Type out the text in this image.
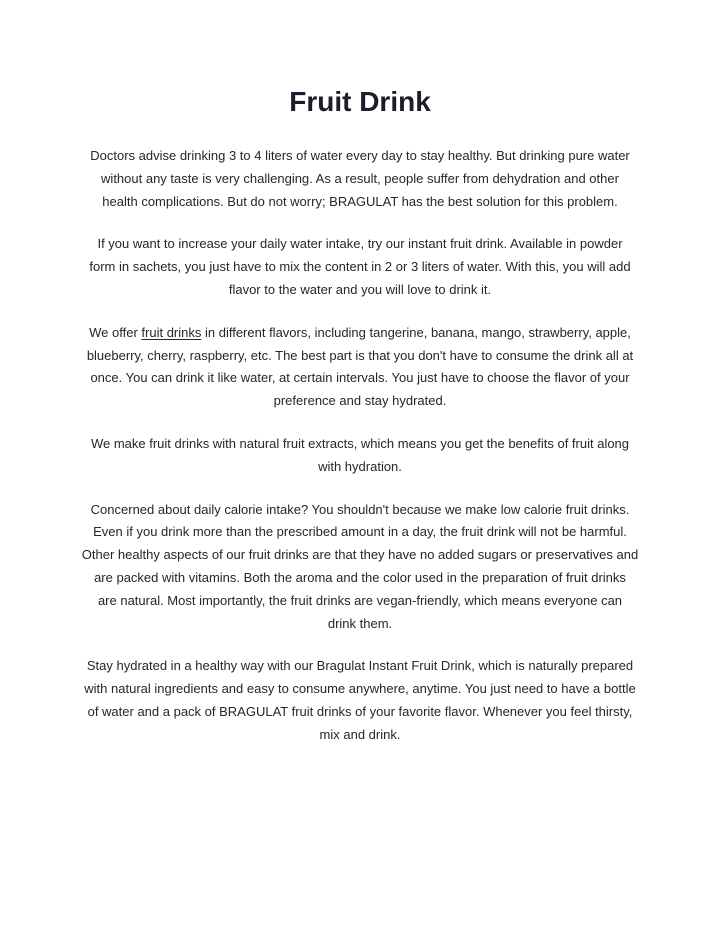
Fruit Drink

Doctors advise drinking 3 to 4 liters of water every day to stay healthy. But drinking pure water
without any taste is very challenging. As a result, people suffer from dehydration and other
health complications. But do not worry; BRAGULAT has the best solution for this problem.

If you want to increase your daily water intake, try our instant fruit drink. Available in powder
form in sachets, you just have to mix the content in 2 or 3 liters of water. With this, you will add
flavor to the water and you will love to drink it.

We offer fruit drinks in different flavors, including tangerine, banana, mango, strawberry, apple,
blueberry, cherry, raspberry, etc. The best part is that you don't have to consume the drink all at
once. You can drink it like water, at certain intervals. You just have to choose the flavor of your
preference and stay hydrated.

We make fruit drinks with natural fruit extracts, which means you get the benefits of fruit along
with hydration.

Concerned about daily calorie intake? You shouldn't because we make low calorie fruit drinks.
Even if you drink more than the prescribed amount in a day, the fruit drink will not be harmful.
Other healthy aspects of our fruit drinks are that they have no added sugars or preservatives and
are packed with vitamins. Both the aroma and the color used in the preparation of fruit drinks
are natural. Most importantly, the fruit drinks are vegan-friendly, which means everyone can
drink them.

Stay hydrated in a healthy way with our Bragulat Instant Fruit Drink, which is naturally prepared
with natural ingredients and easy to consume anywhere, anytime. You just need to have a bottle
of water and a pack of BRAGULAT fruit drinks of your favorite flavor. Whenever you feel thirsty,
mix and drink.
